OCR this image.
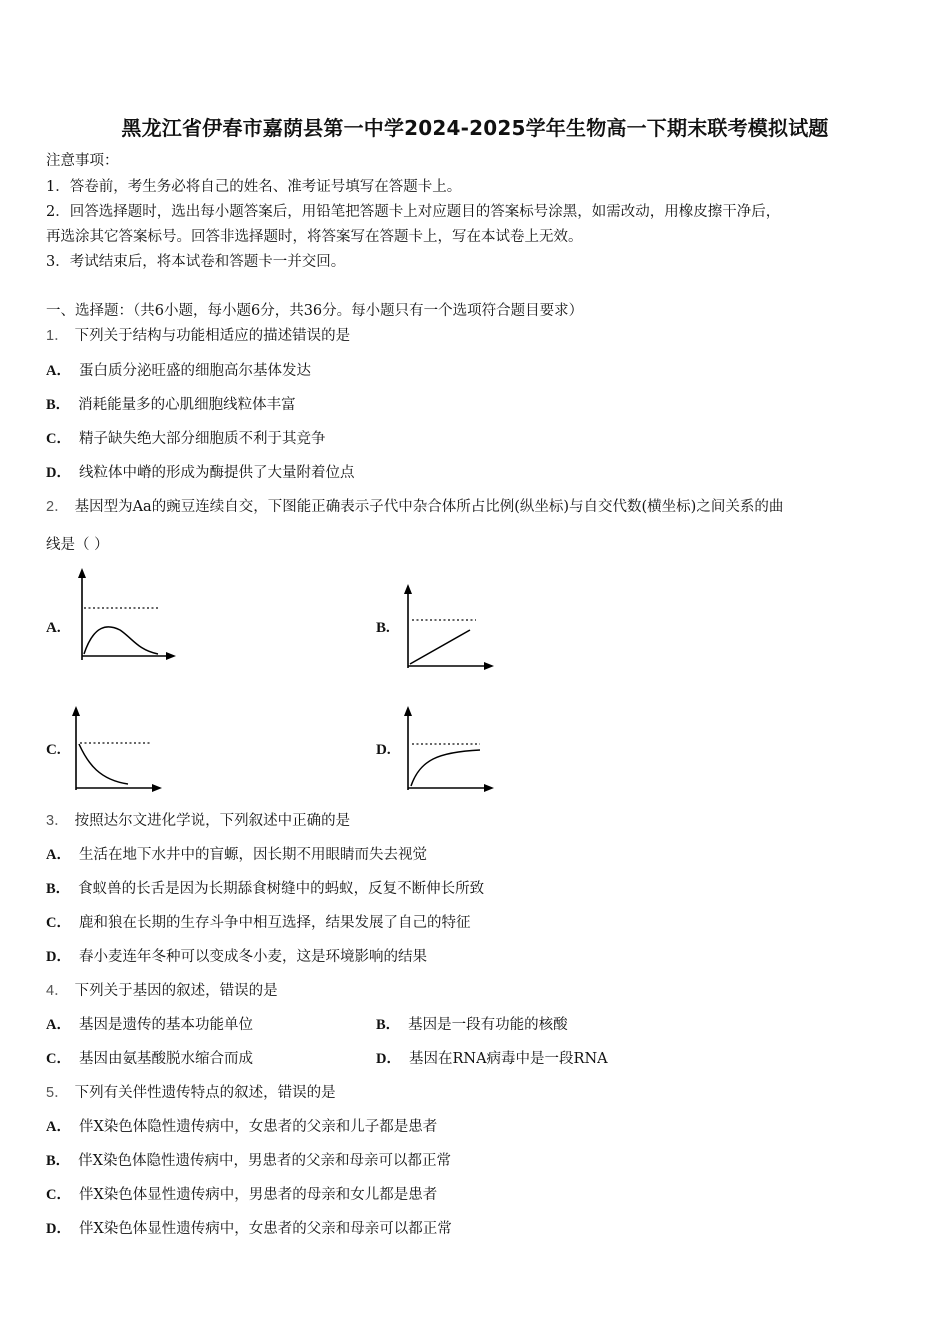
黑龙江省伊春市嘉荫县第一中学2024-2025学年生物高一下期末联考模拟试题
注意事项：
1．答卷前，考生务必将自己的姓名、准考证号填写在答题卡上。
2．回答选择题时，选出每小题答案后，用铅笔把答题卡上对应题目的答案标号涂黑，如需改动，用橡皮擦干净后，
再选涂其它答案标号。回答非选择题时，将答案写在答题卡上，写在本试卷上无效。
3．考试结束后，将本试卷和答题卡一并交回。
一、选择题：（共6小题，每小题6分，共36分。每小题只有一个选项符合题目要求）
1． 下列关于结构与功能相适应的描述错误的是
A． 蛋白质分泌旺盛的细胞高尔基体发达
B． 消耗能量多的心肌细胞线粒体丰富
C． 精子缺失绝大部分细胞质不利于其竞争
D． 线粒体中嵴的形成为酶提供了大量附着位点
2． 基因型为Aa的豌豆连续自交，下图能正确表示子代中杂合体所占比例(纵坐标)与自交代数(横坐标)之间关系的曲
线是（ ）
A.	B.
C.	D.
3． 按照达尔文进化学说，下列叙述中正确的是
A． 生活在地下水井中的盲螈，因长期不用眼睛而失去视觉
B． 食蚁兽的长舌是因为长期舔食树缝中的蚂蚁，反复不断伸长所致
C． 鹿和狼在长期的生存斗争中相互选择，结果发展了自己的特征
D． 春小麦连年冬种可以变成冬小麦，这是环境影响的结果
4． 下列关于基因的叙述，错误的是
A． 基因是遗传的基本功能单位	B． 基因是一段有功能的核酸
C． 基因由氨基酸脱水缩合而成	D． 基因在RNA病毒中是一段RNA
5． 下列有关伴性遗传特点的叙述，错误的是
A． 伴X染色体隐性遗传病中，女患者的父亲和儿子都是患者
B． 伴X染色体隐性遗传病中，男患者的父亲和母亲可以都正常
C． 伴X染色体显性遗传病中，男患者的母亲和女儿都是患者
D． 伴X染色体显性遗传病中，女患者的父亲和母亲可以都正常
